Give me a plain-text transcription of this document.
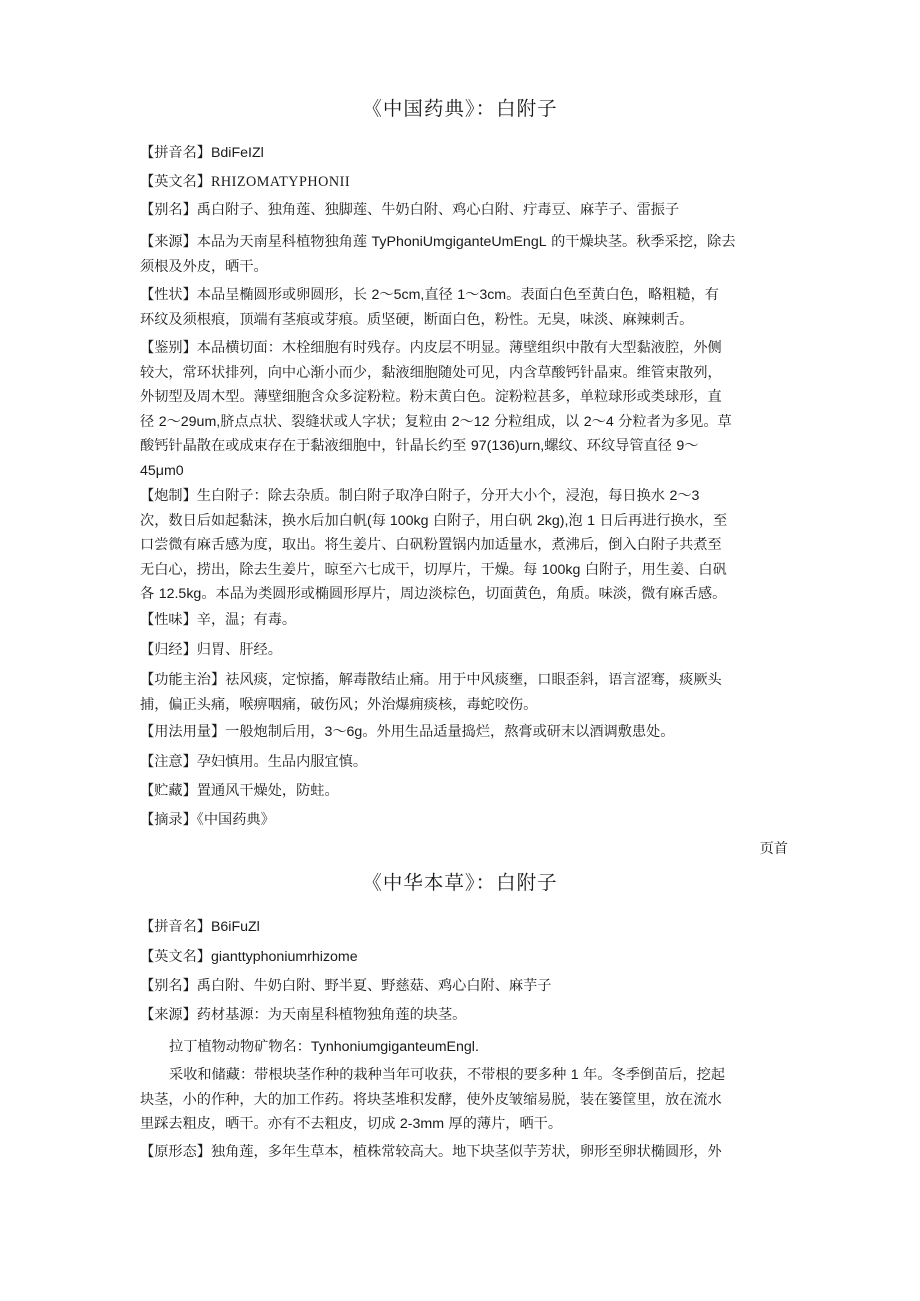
《中国药典》：白附子
【拼音名】BdiFeIZl
【英文名】RHIZOMATYPHONII
【别名】禹白附子、独角莲、独脚莲、牛奶白附、鸡心白附、疔毒豆、麻芋子、雷振子
【来源】本品为天南星科植物独角莲 TyPhoniUmgiganteUmEngL 的干燥块茎。秋季采挖，除去
须根及外皮，晒干。
【性状】本品呈椭圆形或卵圆形，长 2～5cm,直径 1～3cm。表面白色至黄白色，略粗糙，有
环纹及须根痕，顶端有茎痕或芽痕。质坚硬，断面白色，粉性。无臭，味淡、麻辣刺舌。
【鉴别】本品横切面：木栓细胞有时残存。内皮层不明显。薄壁组织中散有大型黏液腔，外侧
较大，常环状排列，向中心渐小而少，黏液细胞随处可见，内含草酸钙针晶束。维管束散列，
外韧型及周木型。薄壁细胞含众多淀粉粒。粉末黄白色。淀粉粒甚多，单粒球形或类球形，直
径 2～29um,脐点点状、裂缝状或人字状；复粒由 2～12 分粒组成，以 2～4 分粒者为多见。草
酸钙针晶散在或成束存在于黏液细胞中，针晶长约至 97(136)urn,螺纹、环纹导管直径 9～
45μm0
【炮制】生白附子：除去杂质。制白附子取净白附子，分开大小个，浸泡，每日换水 2～3
次，数日后如起黏沫，换水后加白帆(每 100kg 白附子，用白矾 2kg),泡 1 日后再进行换水，至
口尝微有麻舌感为度，取出。将生姜片、白矾粉置锅内加适量水，煮沸后，倒入白附子共煮至
无白心，捞出，除去生姜片，晾至六七成干，切厚片，干燥。每 100kg 白附子，用生姜、白矾
各 12.5kg。本品为类圆形或椭圆形厚片，周边淡棕色，切面黄色，角质。味淡，微有麻舌感。
【性味】辛，温；有毒。
【归经】归胃、肝经。
【功能主治】祛风痰，定惊搐，解毒散结止痛。用于中风痰壅，口眼歪斜，语言涩骞，痰厥头
捕，偏正头痛，喉痹咽痛，破伤风；外治爆痈痰核，毒蛇咬伤。
【用法用量】一般炮制后用，3～6g。外用生品适量捣烂，熬膏或研末以酒调敷患处。
【注意】孕妇慎用。生品内服宜慎。
【贮藏】置通风干燥处，防蛀。
【摘录】《中国药典》
页首
《中华本草》：白附子
【拼音名】B6iFuZl
【英文名】gianttyphoniumrhizome
【别名】禹白附、牛奶白附、野半夏、野慈菇、鸡心白附、麻芋子
【来源】药材基源：为天南星科植物独角莲的块茎。
拉丁植物动物矿物名：TynhoniumgiganteumEngl.
采收和储藏：带根块茎作种的栽种当年可收获，不带根的要多种 1 年。冬季倒苗后，挖起
块茎，小的作种，大的加工作药。将块茎堆积发酵，使外皮皱缩易脱，装在篓筐里，放在流水
里踩去粗皮，晒干。亦有不去粗皮，切成 2-3mm 厚的薄片，晒干。
【原形态】独角莲，多年生草本，植株常较高大。地下块茎似芋芳状，卵形至卵状椭圆形，外
